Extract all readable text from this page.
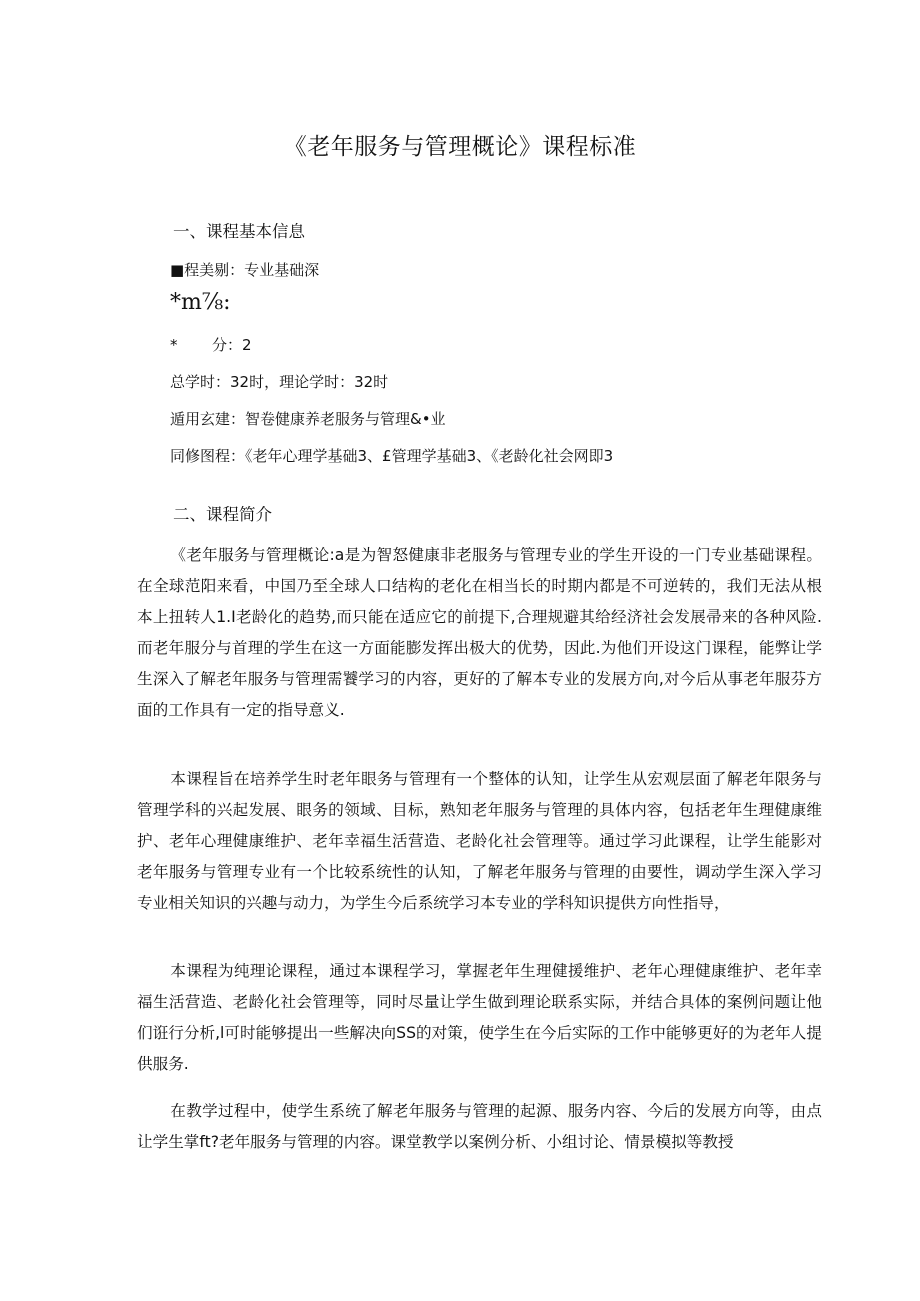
《老年服务与管理概论》课程标准
一、课程基本信息

■程美剔：专业基础深

*m⅞:

* 分：2

总学时：32时，理论学时：32时

遁用玄建：智卷健康养老服务与管理&•业

同修图程：《老年心理学基础3、£管理学基础3、《老龄化社会网即3

二、课程简介

《老年服务与管理概论:a是为智怒健康非老服务与管理专业的学生开设的一门专业基础课程。在全球范阳来看，中国乃至全球人口结构的老化在相当长的时期内都是不可逆转的，我们无法从根本上扭转人1.I老龄化的趋势,而只能在适应它的前提下,合理规避其给经济社会发展帚来的各种风险.而老年服分与首理的学生在这一方面能膨发挥出极大的优势，因此.为他们开设这门课程，能弊让学生深入了解老年服务与管理需饕学习的内容，更好的了解本专业的发展方向,对今后从事老年服芬方面的工作具有一定的指导意义.

本课程旨在培养学生时老年眼务与管理有一个整体的认知，让学生从宏观层面了解老年限务与管理学科的兴起发展、眼务的领域、目标，熟知老年服务与管理的具体内容，包括老年生理健康维护、老年心理健康维护、老年幸福生活营造、老龄化社会管理等。通过学习此课程，让学生能影对老年服务与管理专业有一个比较系统性的认知，了解老年服务与管理的由要性，调动学生深入学习专业相关知识的兴趣与动力，为学生今后系统学习本专业的学科知识提供方向性指导，

本课程为纯理论课程，通过本课程学习，掌握老年生理健援维护、老年心理健康维护、老年幸福生活营造、老龄化社会管理等，同时尽量让学生做到理论联系实际，并结合具体的案例问题让他们诳行分析,l可时能够提出一些解决向SS的对策，使学生在今后实际的工作中能够更好的为老年人提供服务.

在教学过程中，使学生系统了解老年服务与管理的起源、服务内容、今后的发展方向等，由点让学生掌ft?老年服务与管理的内容。课堂教学以案例分析、小组讨论、情景模拟等教授
